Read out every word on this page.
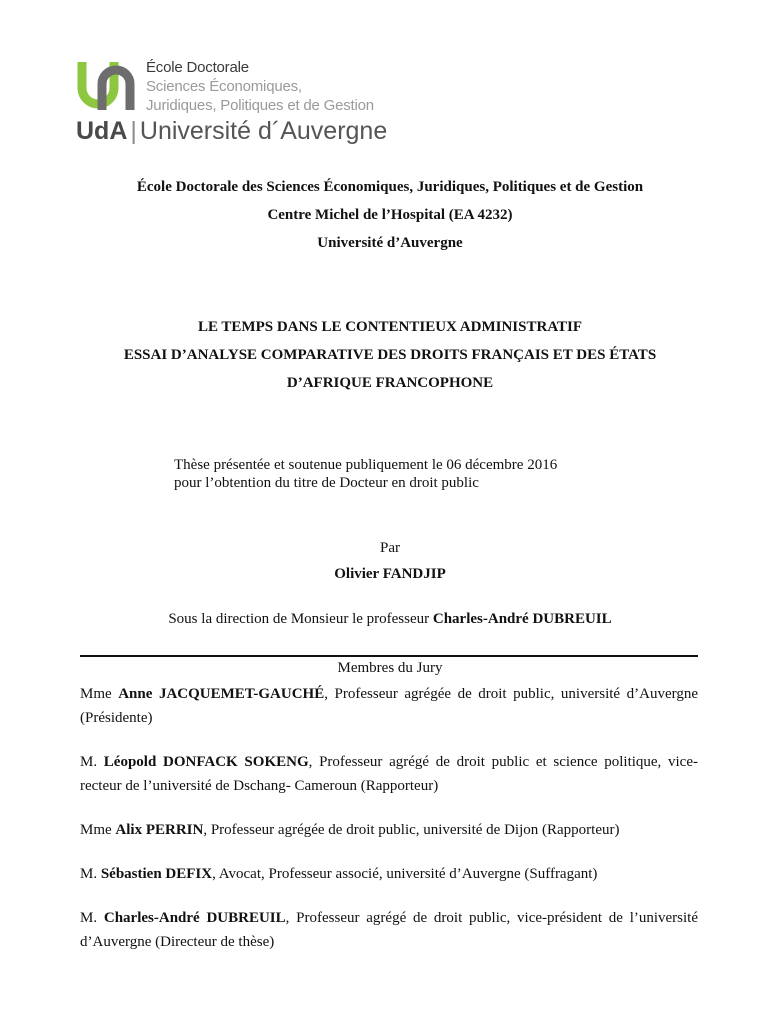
École Doctorale
Sciences Économiques,
Juridiques, Politiques et de Gestion
UdA | Université d´Auvergne
École Doctorale des Sciences Économiques, Juridiques, Politiques et de Gestion
Centre Michel de l’Hospital (EA 4232)
Université d’Auvergne
LE TEMPS DANS LE CONTENTIEUX ADMINISTRATIF
ESSAI D’ANALYSE COMPARATIVE DES DROITS FRANÇAIS ET DES ÉTATS
D’AFRIQUE FRANCOPHONE
Thèse présentée et soutenue publiquement le 06 décembre 2016
pour l’obtention du titre de Docteur en droit public
Par
Olivier FANDJIP
Sous la direction de Monsieur le professeur Charles-André DUBREUIL
Membres du Jury

Mme Anne JACQUEMET-GAUCHÉ, Professeur agrégée de droit public, université d’Auvergne (Présidente)

M. Léopold DONFACK SOKENG, Professeur agrégé de droit public et science politique, vice-recteur de l’université de Dschang- Cameroun (Rapporteur)

Mme Alix PERRIN, Professeur agrégée de droit public, université de Dijon (Rapporteur)

M. Sébastien DEFIX, Avocat, Professeur associé, université d’Auvergne (Suffragant)

M. Charles-André DUBREUIL, Professeur agrégé de droit public, vice-président de l’université d’Auvergne (Directeur de thèse)
